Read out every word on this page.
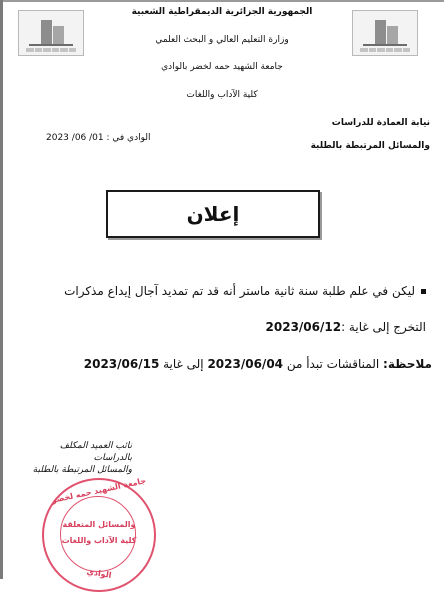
الجمهورية الجزائرية الديمقراطية الشعبية
وزارة التعليم العالي و البحث العلمي
جامعة الشهيد حمه لخضر بالوادي
كلية الآداب واللغات
نيابة العمادة للدراسات
والمسائل المرتبطة بالطلبة
الوادي في : 01/ 06/ 2023
إعلان
ليكن في علم طلبة سنة ثانية ماستر أنه قد تم تمديد آجال إيداع مذكرات
التخرج إلى غاية :2023/06/12
ملاحظة: المناقشات تبدأ من 2023/06/04 إلى غاية 2023/06/15
نائب العميد المكلف بالدراسات
والمسائل المرتبطة بالطلبة
جامعة الشهيد حمه لخضر
والمسائل المتعلقة
كلية الآداب واللغات
الوادي
